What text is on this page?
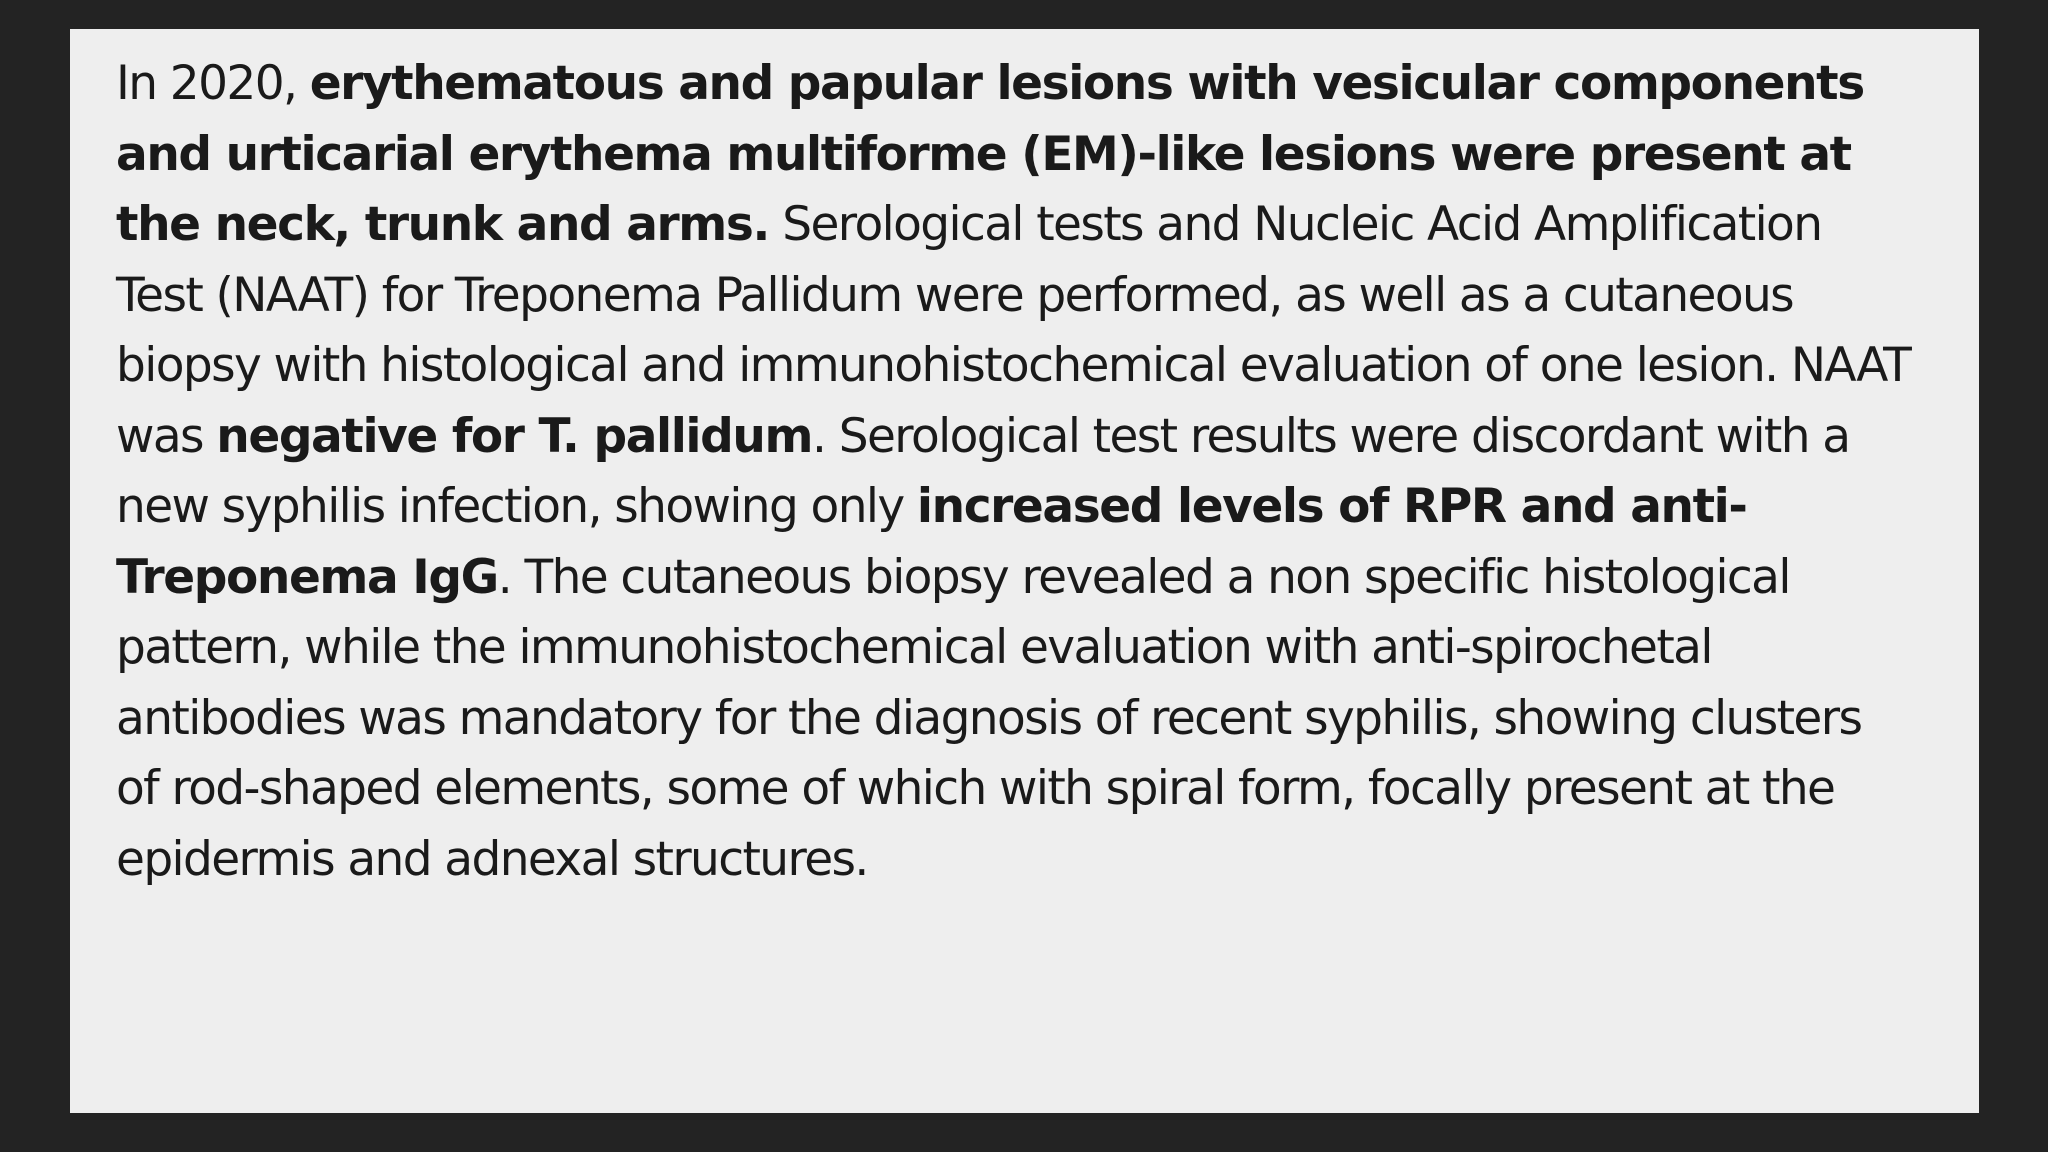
In 2020, erythematous and papular lesions with vesicular components
and urticarial erythema multiforme (EM)-like lesions were present at
the neck, trunk and arms. Serological tests and Nucleic Acid Amplification
Test (NAAT) for Treponema Pallidum were performed, as well as a cutaneous
biopsy with histological and immunohistochemical evaluation of one lesion. NAAT
was negative for T. pallidum. Serological test results were discordant with a
new syphilis infection, showing only increased levels of RPR and anti-
Treponema IgG. The cutaneous biopsy revealed a non specific histological
pattern, while the immunohistochemical evaluation with anti-spirochetal
antibodies was mandatory for the diagnosis of recent syphilis, showing clusters
of rod-shaped elements, some of which with spiral form, focally present at the
epidermis and adnexal structures.
